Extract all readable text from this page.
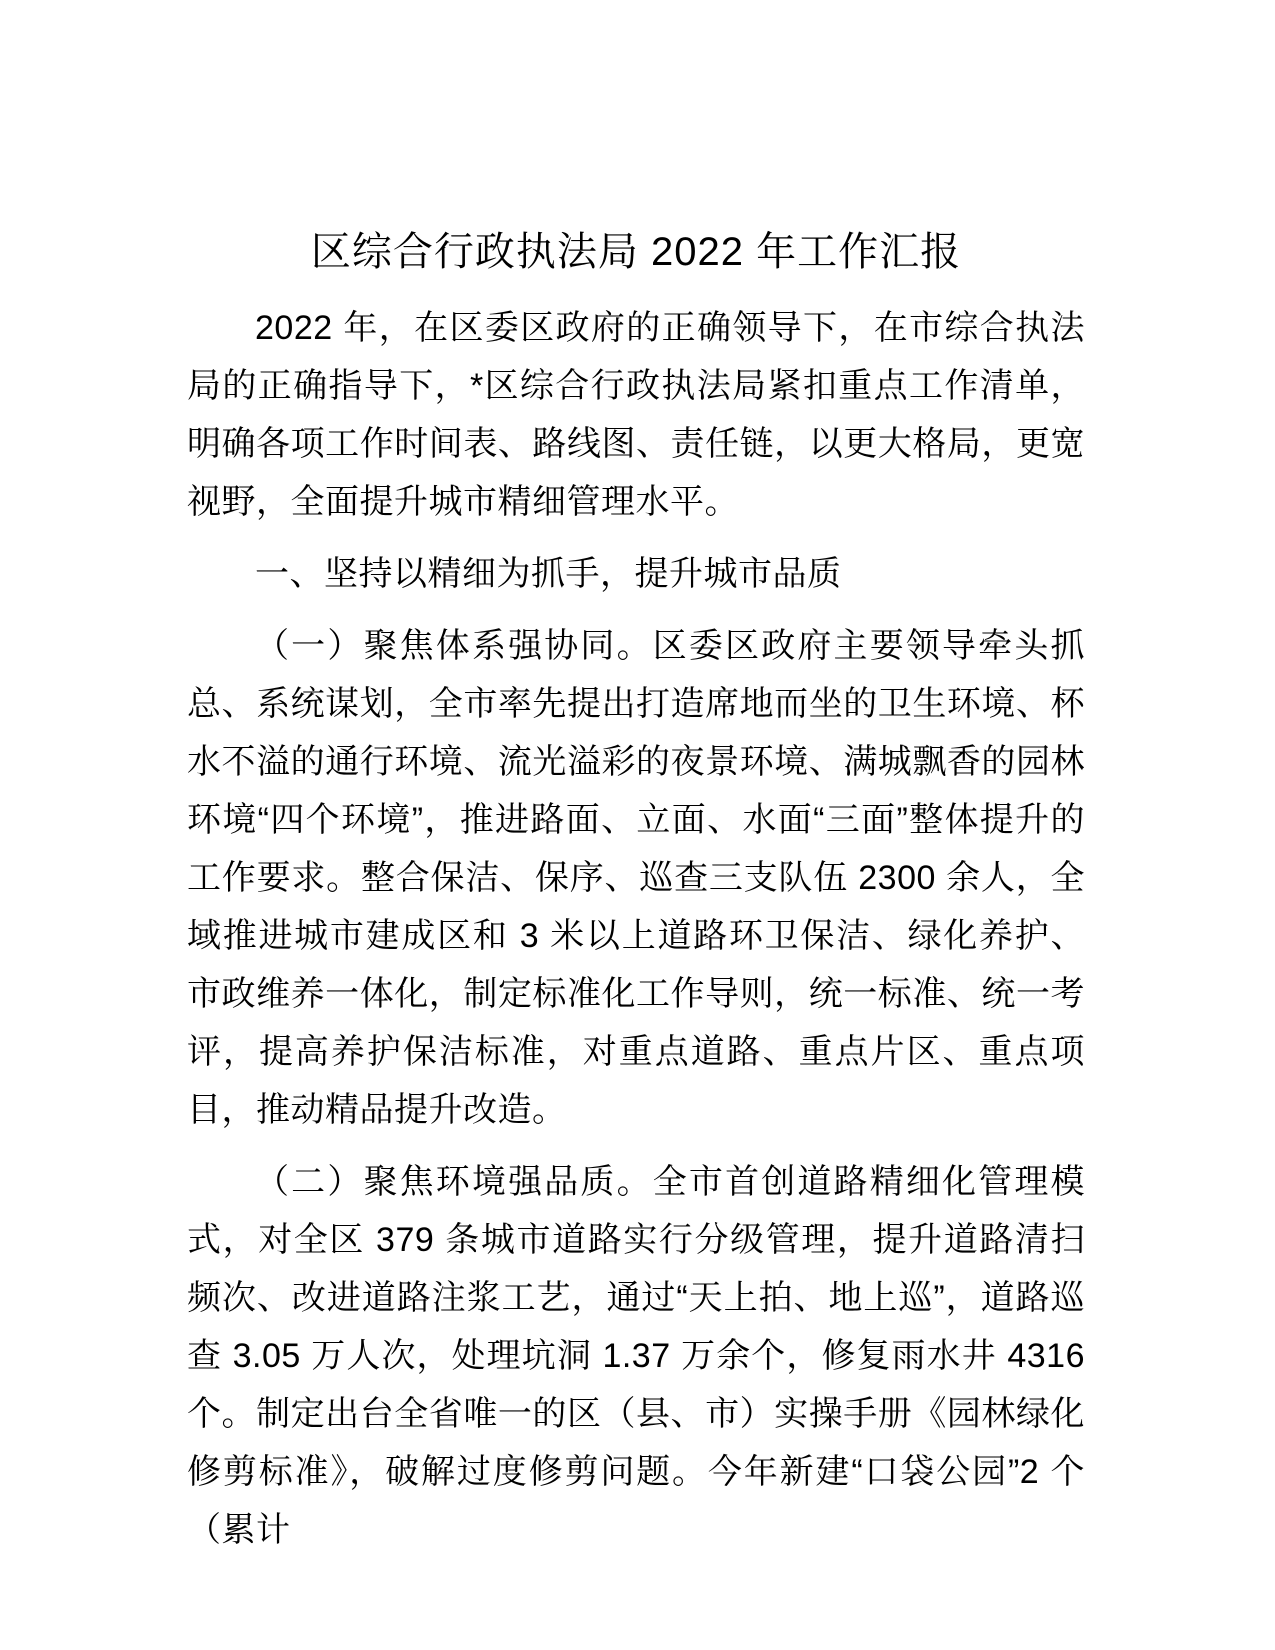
区综合行政执法局 2022 年工作汇报

2022 年，在区委区政府的正确领导下，在市综合执法局的正确指导下，*区综合行政执法局紧扣重点工作清单，明确各项工作时间表、路线图、责任链，以更大格局，更宽视野，全面提升城市精细管理水平。

一、坚持以精细为抓手，提升城市品质

（一）聚焦体系强协同。区委区政府主要领导牵头抓总、系统谋划，全市率先提出打造席地而坐的卫生环境、杯水不溢的通行环境、流光溢彩的夜景环境、满城飘香的园林环境“四个环境”，推进路面、立面、水面“三面”整体提升的工作要求。整合保洁、保序、巡查三支队伍 2300 余人，全域推进城市建成区和 3 米以上道路环卫保洁、绿化养护、市政维养一体化，制定标准化工作导则，统一标准、统一考评，提高养护保洁标准，对重点道路、重点片区、重点项目，推动精品提升改造。

（二）聚焦环境强品质。全市首创道路精细化管理模式，对全区 379 条城市道路实行分级管理，提升道路清扫频次、改进道路注浆工艺，通过“天上拍、地上巡”，道路巡查 3.05 万人次，处理坑洞 1.37 万余个，修复雨水井 4316 个。制定出台全省唯一的区（县、市）实操手册《园林绿化修剪标准》，破解过度修剪问题。今年新建“口袋公园”2 个（累计
